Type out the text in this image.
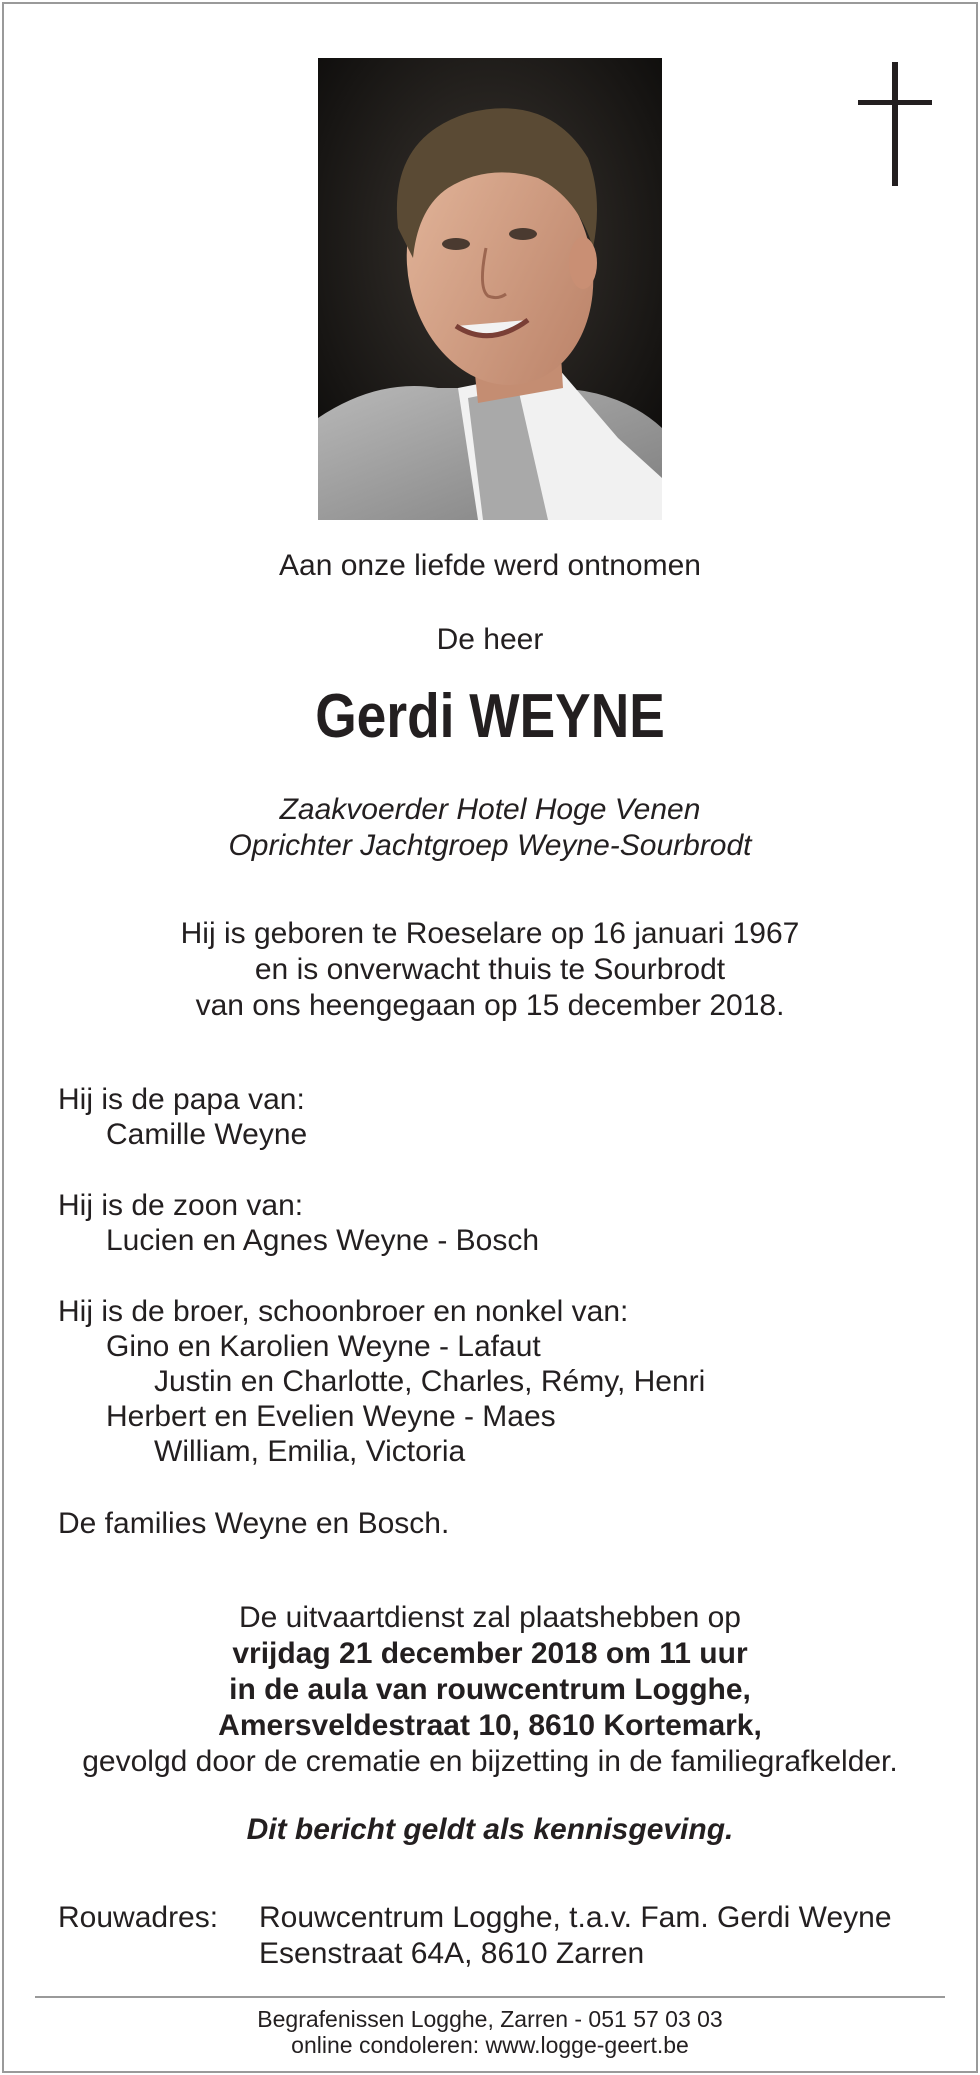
Aan onze liefde werd ontnomen
De heer
Gerdi WEYNE
Zaakvoerder Hotel Hoge Venen
Oprichter Jachtgroep Weyne-Sourbrodt
Hij is geboren te Roeselare op 16 januari 1967
en is onverwacht thuis te Sourbrodt
van ons heengegaan op 15 december 2018.
Hij is de papa van:
Camille Weyne
Hij is de zoon van:
Lucien en Agnes Weyne - Bosch
Hij is de broer, schoonbroer en nonkel van:
Gino en Karolien Weyne - Lafaut
Justin en Charlotte, Charles, Rémy, Henri
Herbert en Evelien Weyne - Maes
William, Emilia, Victoria
De families Weyne en Bosch.
De uitvaartdienst zal plaatshebben op
vrijdag 21 december 2018 om 11 uur
in de aula van rouwcentrum Logghe,
Amersveldestraat 10, 8610 Kortemark,
gevolgd door de crematie en bijzetting in de familiegrafkelder.
Dit bericht geldt als kennisgeving.
Rouwadres: Rouwcentrum Logghe, t.a.v. Fam. Gerdi Weyne
Esenstraat 64A, 8610 Zarren
Begrafenissen Logghe, Zarren - 051 57 03 03
online condoleren: www.logge-geert.be
